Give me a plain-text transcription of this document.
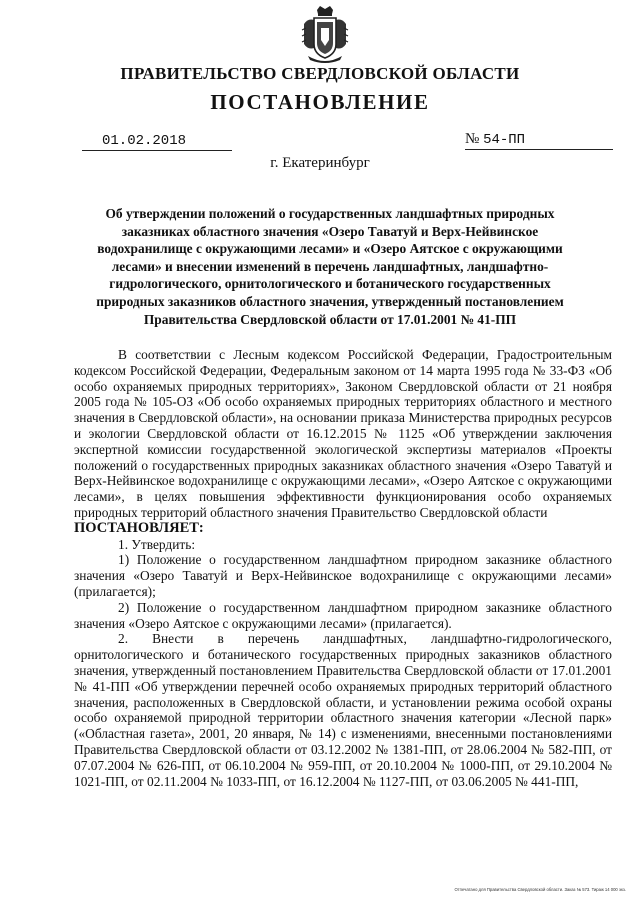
ПРАВИТЕЛЬСТВО СВЕРДЛОВСКОЙ ОБЛАСТИ
ПОСТАНОВЛЕНИЕ
01.02.2018	№ 54-ПП
г. Екатеринбург
Об утверждении положений о государственных ландшафтных природных заказниках областного значения «Озеро Таватуй и Верх-Нейвинское водохранилище с окружающими лесами» и «Озеро Аятское с окружающими лесами» и внесении изменений в перечень ландшафтных, ландшафтно-гидрологического, орнитологического и ботанического государственных природных заказников областного значения, утвержденный постановлением Правительства Свердловской области от 17.01.2001 № 41-ПП

В соответствии с Лесным кодексом Российской Федерации, Градостроительным кодексом Российской Федерации, Федеральным законом от 14 марта 1995 года № 33-ФЗ «Об особо охраняемых природных территориях», Законом Свердловской области от 21 ноября 2005 года № 105-ОЗ «Об особо охраняемых природных территориях областного и местного значения в Свердловской области», на основании приказа Министерства природных ресурсов и экологии Свердловской области от 16.12.2015 № 1125 «Об утверждении заключения экспертной комиссии государственной экологической экспертизы материалов «Проекты положений о государственных природных заказниках областного значения «Озеро Таватуй и Верх-Нейвинское водохранилище с окружающими лесами», «Озеро Аятское с окружающими лесами», в целях повышения эффективности функционирования особо охраняемых природных территорий областного значения Правительство Свердловской области

ПОСТАНОВЛЯЕТ:

1. Утвердить:

1) Положение о государственном ландшафтном природном заказнике областного значения «Озеро Таватуй и Верх-Нейвинское водохранилище с окружающими лесами» (прилагается);

2) Положение о государственном ландшафтном природном заказнике областного значения «Озеро Аятское с окружающими лесами» (прилагается).

2. Внести в перечень ландшафтных, ландшафтно-гидрологического, орнитологического и ботанического государственных природных заказников областного значения, утвержденный постановлением Правительства Свердловской области от 17.01.2001 № 41-ПП «Об утверждении перечней особо охраняемых природных территорий областного значения, расположенных в Свердловской области, и установлении режима особой охраны особо охраняемой природной территории областного значения категории «Лесной парк» («Областная газета», 2001, 20 января, № 14) с изменениями, внесенными постановлениями Правительства Свердловской области от 03.12.2002 № 1381-ПП, от 28.06.2004 № 582-ПП, от 07.07.2004 № 626-ПП, от 06.10.2004 № 959-ПП, от 20.10.2004 № 1000-ПП, от 29.10.2004 № 1021-ПП, от 02.11.2004 № 1033-ПП, от 16.12.2004 № 1127-ПП, от 03.06.2005 № 441-ПП,

Отпечатано для Правительства Свердловской области. Заказ № 573. Тираж 14 000 экз.
